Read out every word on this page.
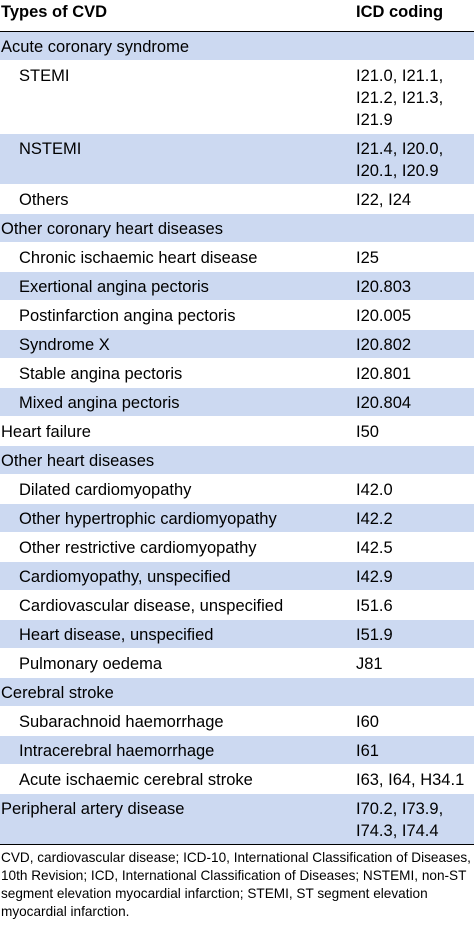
Types of CVD	ICD coding
Acute coronary syndrome	
STEMI	I21.0, I21.1, I21.2, I21.3, I21.9
NSTEMI	I21.4, I20.0, I20.1, I20.9
Others	I22, I24
Other coronary heart diseases	
Chronic ischaemic heart disease	I25
Exertional angina pectoris	I20.803
Postinfarction angina pectoris	I20.005
Syndrome X	I20.802
Stable angina pectoris	I20.801
Mixed angina pectoris	I20.804
Heart failure	I50
Other heart diseases	
Dilated cardiomyopathy	I42.0
Other hypertrophic cardiomyopathy	I42.2
Other restrictive cardiomyopathy	I42.5
Cardiomyopathy, unspecified	I42.9
Cardiovascular disease, unspecified	I51.6
Heart disease, unspecified	I51.9
Pulmonary oedema	J81
Cerebral stroke	
Subarachnoid haemorrhage	I60
Intracerebral haemorrhage	I61
Acute ischaemic cerebral stroke	I63, I64, H34.1
Peripheral artery disease	I70.2, I73.9, I74.3, I74.4
CVD, cardiovascular disease; ICD-10, International Classification of Diseases, 10th Revision; ICD, International Classification of Diseases; NSTEMI, non-ST segment elevation myocardial infarction; STEMI, ST segment elevation myocardial infarction.
